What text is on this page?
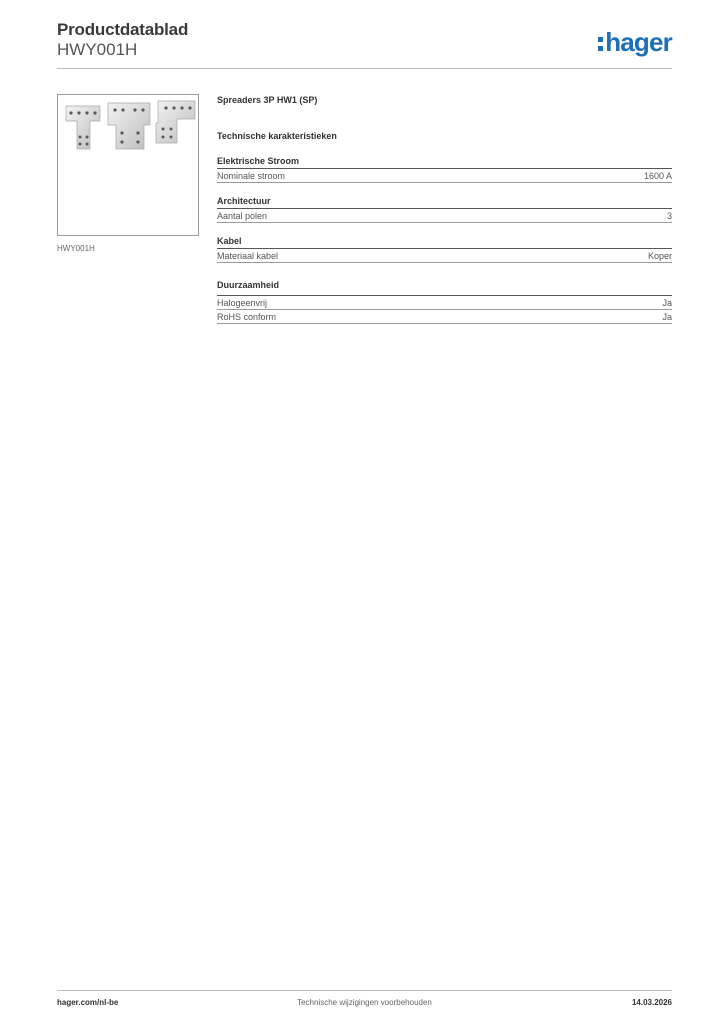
Productdatablad
HWY001H	hager
HWY001H
Spreaders 3P HW1 (SP)
Technische karakteristieken
Elektrische Stroom
Nominale stroom	1600 A
Architectuur
Aantal polen	3
Kabel
Materiaal kabel	Koper
Duurzaamheid
Halogeenvrij	Ja
RoHS conform	Ja
hager.com/nl-be	Technische wijzigingen voorbehouden	14.03.2026
